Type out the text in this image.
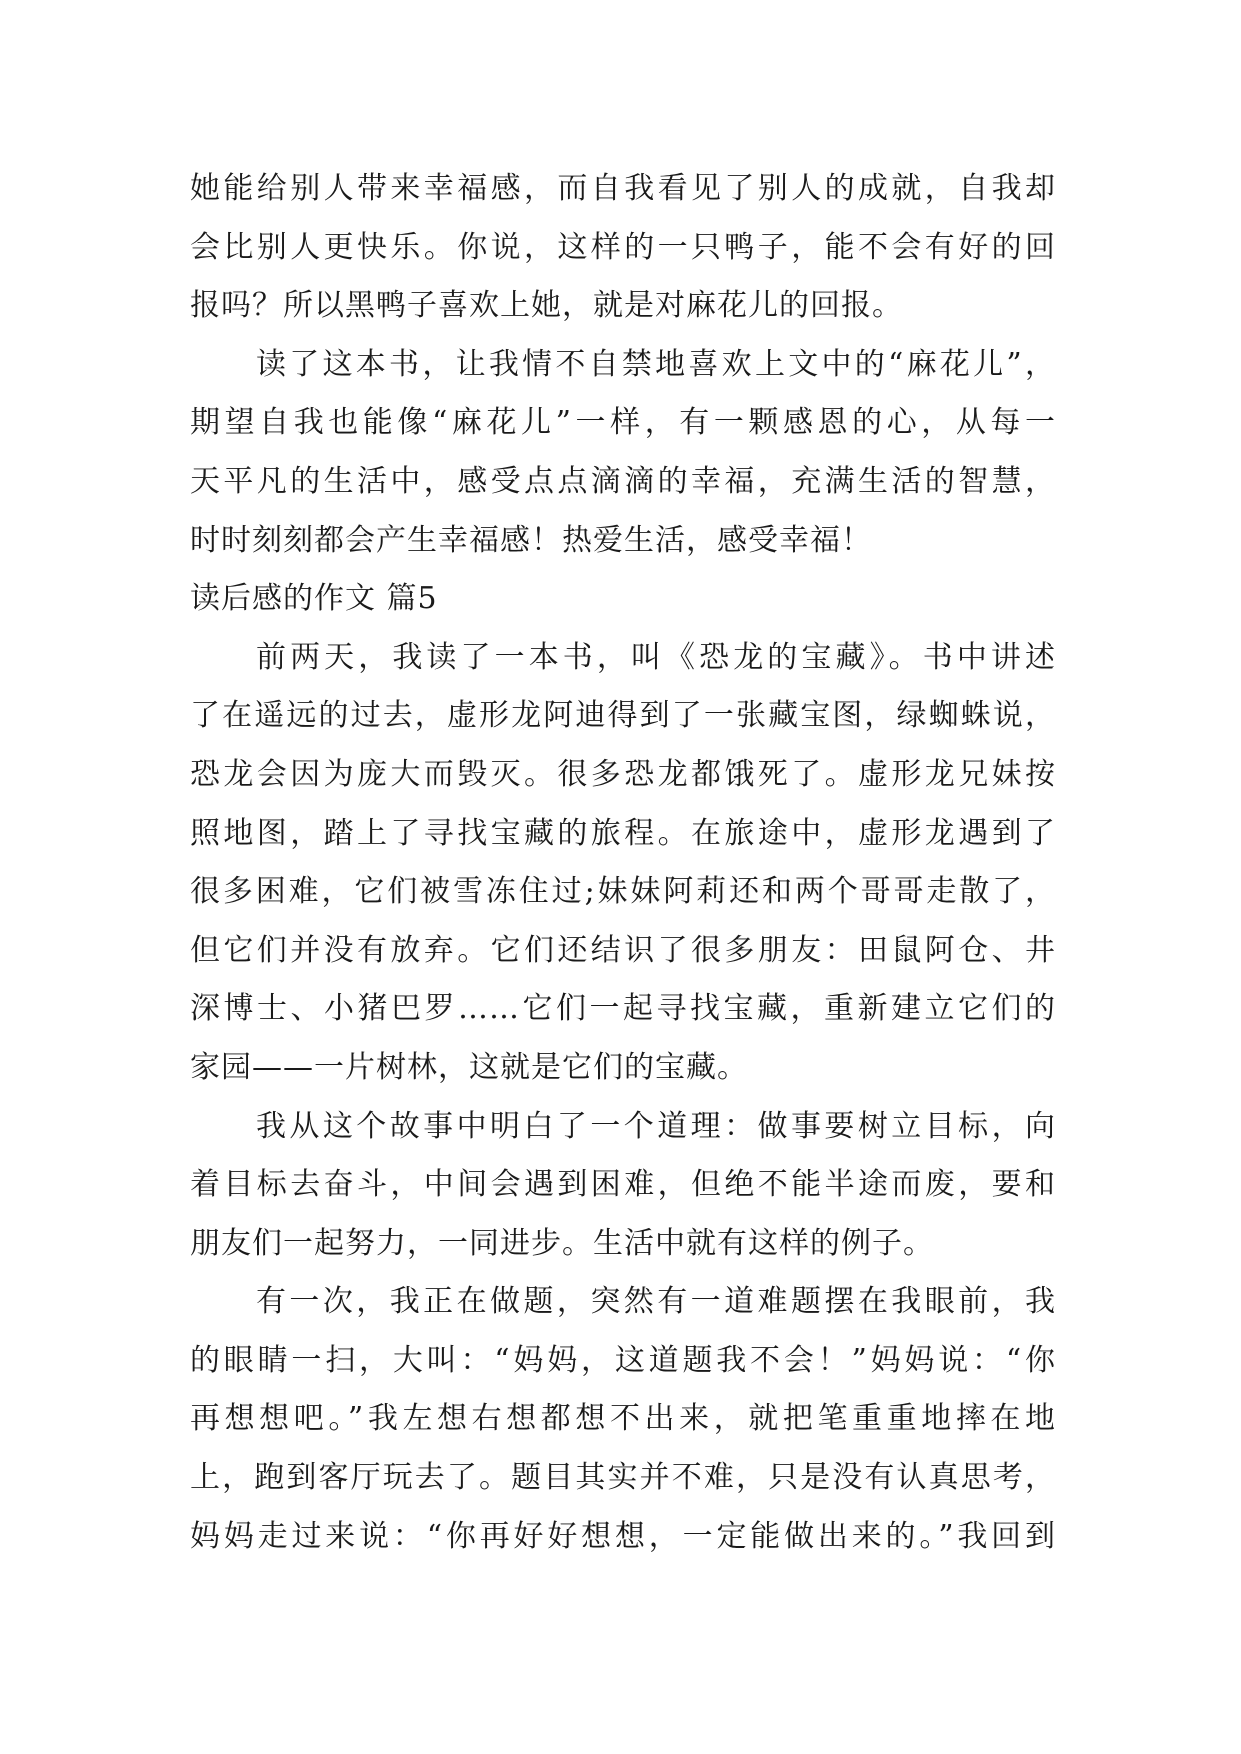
她能给别人带来幸福感，而自我看见了别人的成就，自我却
会比别人更快乐。你说，这样的一只鸭子，能不会有好的回
报吗？所以黑鸭子喜欢上她，就是对麻花儿的回报。
读了这本书，让我情不自禁地喜欢上文中的“麻花儿”，
期望自我也能像“麻花儿”一样，有一颗感恩的心，从每一
天平凡的生活中，感受点点滴滴的幸福，充满生活的智慧，
时时刻刻都会产生幸福感！热爱生活，感受幸福！
读后感的作文 篇5
前两天，我读了一本书，叫《恐龙的宝藏》。书中讲述
了在遥远的过去，虚形龙阿迪得到了一张藏宝图，绿蜘蛛说，
恐龙会因为庞大而毁灭。很多恐龙都饿死了。虚形龙兄妹按
照地图，踏上了寻找宝藏的旅程。在旅途中，虚形龙遇到了
很多困难，它们被雪冻住过;妹妹阿莉还和两个哥哥走散了，
但它们并没有放弃。它们还结识了很多朋友：田鼠阿仓、井
深博士、小猪巴罗……它们一起寻找宝藏，重新建立它们的
家园——一片树林，这就是它们的宝藏。
我从这个故事中明白了一个道理：做事要树立目标，向
着目标去奋斗，中间会遇到困难，但绝不能半途而废，要和
朋友们一起努力，一同进步。生活中就有这样的例子。
有一次，我正在做题，突然有一道难题摆在我眼前，我
的眼睛一扫，大叫：“妈妈，这道题我不会！”妈妈说：“你
再想想吧。”我左想右想都想不出来，就把笔重重地摔在地
上，跑到客厅玩去了。题目其实并不难，只是没有认真思考，
妈妈走过来说：“你再好好想想，一定能做出来的。”我回到
